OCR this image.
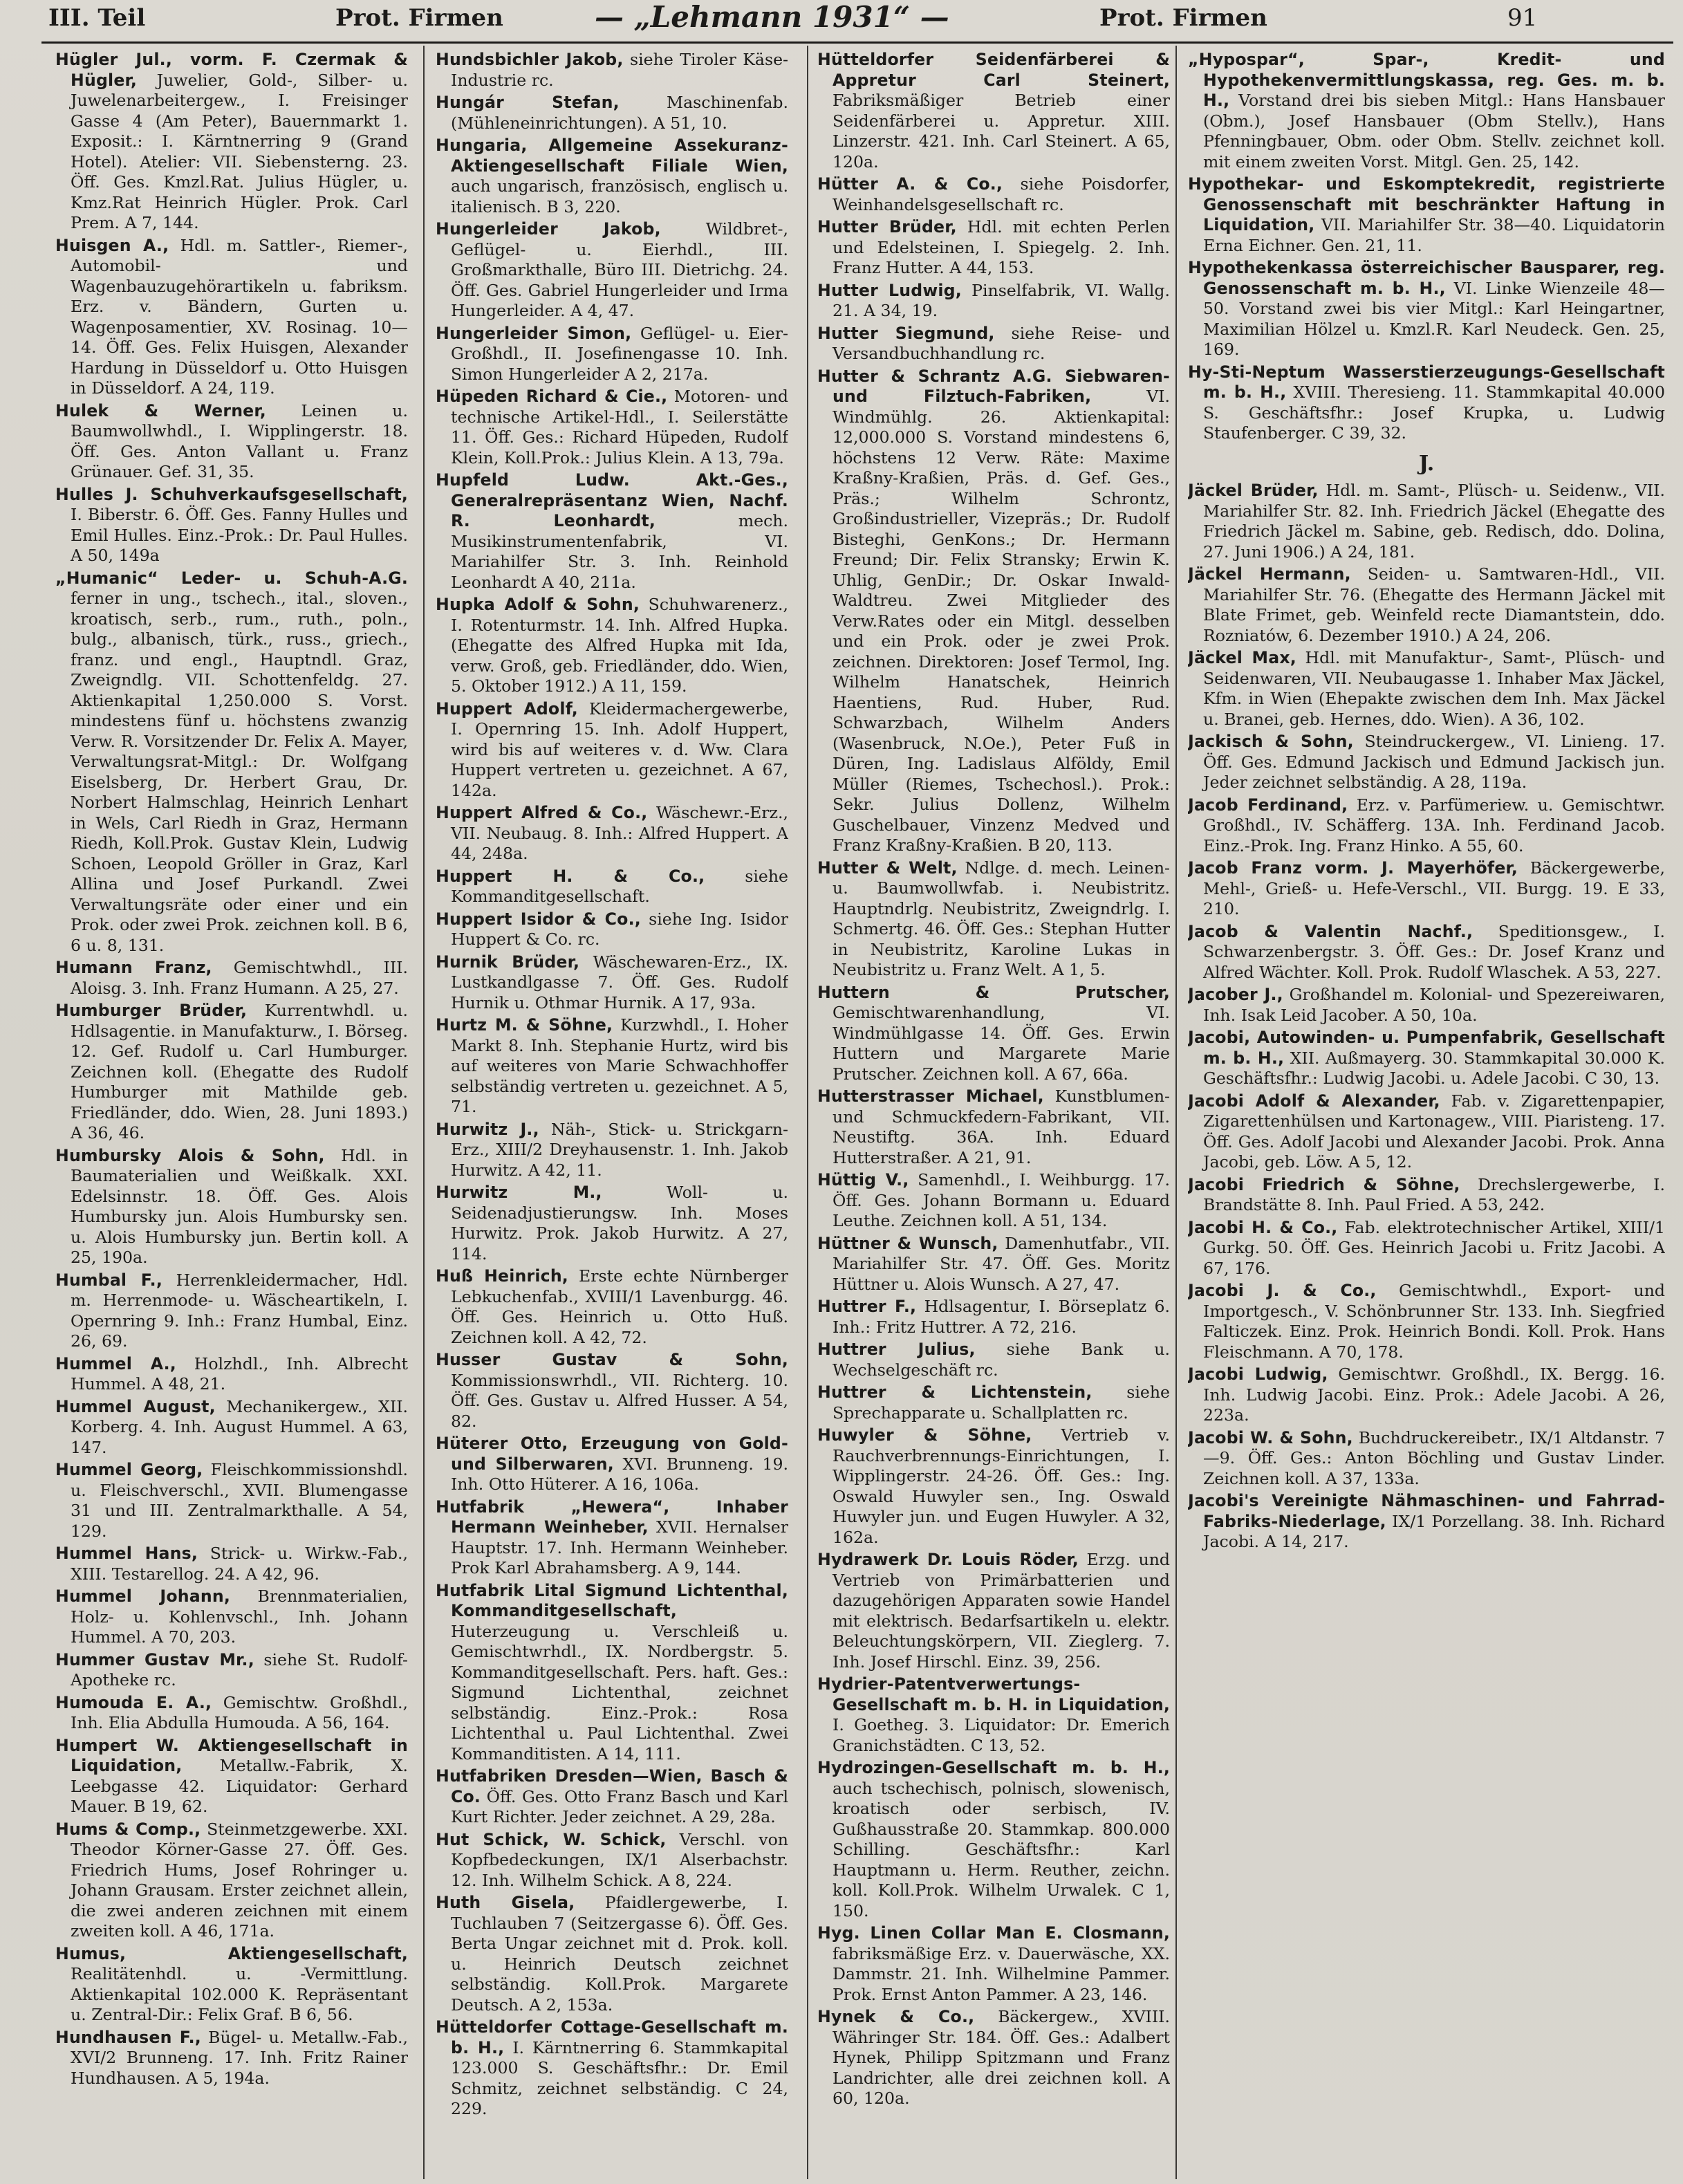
III. Teil	Prot. Firmen	— „Lehmann 1931“ —	Prot. Firmen	91
Hügler Jul., vorm. F. Czermak & Hügler, Juwelier, Gold-, Silber- u. Juwelenarbeitergew., I. Freisinger Gasse 4 (Am Peter), Bauernmarkt 1. Exposit.: I. Kärntnerring 9 (Grand Hotel). Atelier: VII. Siebensterng. 23. Öff. Ges. Kmzl.Rat. Julius Hügler, u. Kmz.Rat Heinrich Hügler. Prok. Carl Prem. A 7, 144.
Huisgen A., Hdl. m. Sattler-, Riemer-, Automobil- und Wagenbauzugehörartikeln u. fabriksm. Erz. v. Bändern, Gurten u. Wagenposamentier, XV. Rosinag. 10—14. Öff. Ges. Felix Huisgen, Alexander Hardung in Düsseldorf u. Otto Huisgen in Düsseldorf. A 24, 119.
Hulek & Werner, Leinen u. Baumwollwhdl., I. Wipplingerstr. 18. Öff. Ges. Anton Vallant u. Franz Grünauer. Gef. 31, 35.
Hulles J. Schuhverkaufsgesellschaft, I. Biberstr. 6. Öff. Ges. Fanny Hulles und Emil Hulles. Einz.-Prok.: Dr. Paul Hulles. A 50, 149a
„Humanic“ Leder- u. Schuh-A.G. ferner in ung., tschech., ital., sloven., kroatisch, serb., rum., ruth., poln., bulg., albanisch, türk., russ., griech., franz. und engl., Hauptndl. Graz, Zweigndlg. VII. Schottenfeldg. 27. Aktienkapital 1,250.000 S. Vorst. mindestens fünf u. höchstens zwanzig Verw. R. Vorsitzender Dr. Felix A. Mayer, Verwaltungsrat-Mitgl.: Dr. Wolfgang Eiselsberg, Dr. Herbert Grau, Dr. Norbert Halmschlag, Heinrich Lenhart in Wels, Carl Riedh in Graz, Hermann Riedh, Koll.Prok. Gustav Klein, Ludwig Schoen, Leopold Gröller in Graz, Karl Allina und Josef Purkandl. Zwei Verwaltungsräte oder einer und ein Prok. oder zwei Prok. zeichnen koll. B 6, 6 u. 8, 131.
Humann Franz, Gemischtwhdl., III. Aloisg. 3. Inh. Franz Humann. A 25, 27.
Humburger Brüder, Kurrentwhdl. u. Hdlsagentie. in Manufakturw., I. Börseg. 12. Gef. Rudolf u. Carl Humburger. Zeichnen koll. (Ehegatte des Rudolf Humburger mit Mathilde geb. Friedländer, ddo. Wien, 28. Juni 1893.) A 36, 46.
Humbursky Alois & Sohn, Hdl. in Baumaterialien und Weißkalk. XXI. Edelsinnstr. 18. Öff. Ges. Alois Humbursky jun. Alois Humbursky sen. u. Alois Humbursky jun. Bertin koll. A 25, 190a.
Humbal F., Herrenkleidermacher, Hdl. m. Herrenmode- u. Wäscheartikeln, I. Opernring 9. Inh.: Franz Humbal, Einz. 26, 69.
Hummel A., Holzhdl., Inh. Albrecht Hummel. A 48, 21.
Hummel August, Mechanikergew., XII. Korberg. 4. Inh. August Hummel. A 63, 147.
Hummel Georg, Fleischkommissionshdl. u. Fleischverschl., XVII. Blumengasse 31 und III. Zentralmarkthalle. A 54, 129.
Hummel Hans, Strick- u. Wirkw.-Fab., XIII. Testarellog. 24. A 42, 96.
Hummel Johann, Brennmaterialien, Holz- u. Kohlenvschl., Inh. Johann Hummel. A 70, 203.
Hummer Gustav Mr., siehe St. Rudolf-Apotheke rc.
Humouda E. A., Gemischtw. Großhdl., Inh. Elia Abdulla Humouda. A 56, 164.
Humpert W. Aktiengesellschaft in Liquidation, Metallw.-Fabrik, X. Leebgasse 42. Liquidator: Gerhard Mauer. B 19, 62.
Hums & Comp., Steinmetzgewerbe. XXI. Theodor Körner-Gasse 27. Öff. Ges. Friedrich Hums, Josef Rohringer u. Johann Grausam. Erster zeichnet allein, die zwei anderen zeichnen mit einem zweiten koll. A 46, 171a.
Humus, Aktiengesellschaft, Realitätenhdl. u. -Vermittlung. Aktienkapital 102.000 K. Repräsentant u. Zentral-Dir.: Felix Graf. B 6, 56.
Hundhausen F., Bügel- u. Metallw.-Fab., XVI/2 Brunneng. 17. Inh. Fritz Rainer Hundhausen. A 5, 194a.
Hundsbichler Jakob, siehe Tiroler Käse-Industrie rc.
Hungár Stefan,	Maschinenfab. (Mühleneinrichtungen). A 51, 10.
Hungaria, Allgemeine Assekuranz-Aktiengesellschaft Filiale Wien, auch ungarisch, französisch, englisch u. italienisch. B 3, 220.
Hungerleider Jakob,	Wildbret-, Geflügel- u. Eierhdl., III. Großmarkthalle, Büro III. Dietrichg. 24. Öff. Ges. Gabriel Hungerleider und Irma Hungerleider. A 4, 47.
Hungerleider Simon, Geflügel- u. Eier-Großhdl., II. Josefinengasse 10. Inh. Simon Hungerleider A 2, 217a.
Hüpeden Richard & Cie., Motoren- und technische Artikel-Hdl., I. Seilerstätte 11. Öff. Ges.: Richard Hüpeden, Rudolf Klein, Koll.Prok.: Julius Klein. A 13, 79a.
Hupfeld Ludw. Akt.-Ges., Generalrepräsentanz Wien, Nachf. R. Leonhardt,	mech. Musikinstrumentenfabrik, VI. Mariahilfer Str. 3. Inh. Reinhold Leonhardt A 40, 211a.
Hupka Adolf & Sohn, Schuhwarenerz., I. Rotenturmstr. 14. Inh. Alfred Hupka. (Ehegatte des Alfred Hupka mit Ida, verw. Groß, geb. Friedländer, ddo. Wien, 5. Oktober 1912.) A 11, 159.
Huppert Adolf, Kleidermachergewerbe, I. Opernring 15. Inh. Adolf Huppert, wird bis auf weiteres v. d. Ww. Clara Huppert vertreten u. gezeichnet. A 67, 142a.
Huppert Alfred & Co., Wäschewr.-Erz., VII. Neubaug. 8. Inh.: Alfred Huppert. A 44, 248a.
Huppert H. & Co., siehe Kommanditgesellschaft.
Huppert Isidor & Co., siehe Ing. Isidor Huppert & Co. rc.
Hurnik Brüder, Wäschewaren-Erz., IX. Lustkandlgasse 7. Öff. Ges. Rudolf Hurnik u. Othmar Hurnik. A 17, 93a.
Hurtz M. & Söhne, Kurzwhdl., I. Hoher Markt 8. Inh. Stephanie Hurtz, wird bis auf weiteres von Marie Schwachhoffer selbständig vertreten u. gezeichnet. A 5, 71.
Hurwitz J., Näh-, Stick- u. Strickgarn-Erz., XIII/2 Dreyhausenstr. 1. Inh. Jakob Hurwitz. A 42, 11.
Hurwitz M.,	Woll- u. Seidenadjustierungsw. Inh. Moses Hurwitz. Prok. Jakob Hurwitz. A 27, 114.
Huß Heinrich, Erste echte Nürnberger Lebkuchenfab., XVIII/1 Lavenburgg. 46. Öff. Ges. Heinrich u. Otto Huß. Zeichnen koll. A 42, 72.
Husser Gustav & Sohn, Kommissionswrhdl., VII. Richterg. 10. Öff. Ges. Gustav u. Alfred Husser. A 54, 82.
Hüterer Otto, Erzeugung von Gold- und Silberwaren, XVI. Brunneng. 19. Inh. Otto Hüterer. A 16, 106a.
Hutfabrik „Hewera“, Inhaber Hermann Weinheber, XVII. Hernalser Hauptstr. 17. Inh. Hermann Weinheber. Prok Karl Abrahamsberg. A 9, 144.
Hutfabrik Lital Sigmund Lichtenthal, Kommanditgesellschaft, Huterzeugung u. Verschleiß u. Gemischtwrhdl., IX. Nordbergstr. 5. Kommanditgesellschaft. Pers. haft. Ges.: Sigmund Lichtenthal, zeichnet selbständig. Einz.-Prok.: Rosa Lichtenthal u. Paul Lichtenthal. Zwei Kommanditisten. A 14, 111.
Hutfabriken Dresden—Wien, Basch & Co. Öff. Ges. Otto Franz Basch und Karl Kurt Richter. Jeder zeichnet. A 29, 28a.
Hut Schick, W. Schick, Verschl. von Kopfbedeckungen, IX/1 Alserbachstr. 12. Inh. Wilhelm Schick. A 8, 224.
Huth Gisela, Pfaidlergewerbe, I. Tuchlauben 7 (Seitzergasse 6). Öff. Ges. Berta Ungar zeichnet mit d. Prok. koll. u. Heinrich Deutsch zeichnet selbständig. Koll.Prok. Margarete Deutsch. A 2, 153a.
Hütteldorfer Cottage-Gesellschaft m. b. H., I. Kärntnerring 6. Stammkapital 123.000 S. Geschäftsfhr.: Dr. Emil Schmitz, zeichnet selbständig. C 24, 229.
Hütteldorfer Seidenfärberei & Appretur Carl Steinert, Fabriksmäßiger Betrieb einer Seidenfärberei u. Appretur. XIII. Linzerstr. 421. Inh. Carl Steinert. A 65, 120a.
Hütter A. & Co., siehe Poisdorfer, Weinhandelsgesellschaft rc.
Hutter Brüder, Hdl. mit echten Perlen und Edelsteinen, I. Spiegelg. 2. Inh. Franz Hutter. A 44, 153.
Hutter Ludwig, Pinselfabrik, VI. Wallg. 21. A 34, 19.
Hutter Siegmund, siehe Reise- und Versandbuchhandlung rc.
Hutter & Schrantz A.G. Siebwaren- und Filztuch-Fabriken,	VI. Windmühlg. 26. Aktienkapital: 12,000.000 S. Vorstand mindestens 6, höchstens 12 Verw. Räte: Maxime Kraßny-Kraßien, Präs. d. Gef. Ges., Präs.; Wilhelm Schrontz, Großindustrieller, Vizepräs.; Dr. Rudolf Bisteghi, GenKons.; Dr. Hermann Freund; Dir. Felix Stransky; Erwin K. Uhlig, GenDir.; Dr. Oskar Inwald-Waldtreu. Zwei Mitglieder des Verw.Rates oder ein Mitgl. desselben und ein Prok. oder je zwei Prok. zeichnen. Direktoren: Josef Termol, Ing. Wilhelm Hanatschek, Heinrich Haentiens, Rud. Huber, Rud. Schwarzbach, Wilhelm Anders (Wasenbruck, N.Oe.), Peter Fuß in Düren, Ing. Ladislaus Alföldy, Emil Müller (Riemes, Tschechosl.). Prok.: Sekr. Julius Dollenz, Wilhelm Guschelbauer, Vinzenz Medved und Franz Kraßny-Kraßien. B 20, 113.
Hutter & Welt, Ndlge. d. mech. Leinen- u. Baumwollwfab. i. Neubistritz. Hauptndrlg. Neubistritz, Zweigndrlg. I. Schmertg. 46. Öff. Ges.: Stephan Hutter in Neubistritz, Karoline Lukas in Neubistritz u. Franz Welt. A 1, 5.
Huttern & Prutscher, Gemischtwarenhandlung, VI. Windmühlgasse 14. Öff. Ges. Erwin Huttern und Margarete Marie Prutscher. Zeichnen koll. A 67, 66a.
Hutterstrasser Michael, Kunstblumen- und Schmuckfedern-Fabrikant, VII. Neustiftg. 36A. Inh. Eduard Hutterstraßer. A 21, 91.
Hüttig V., Samenhdl., I. Weihburgg. 17. Öff. Ges. Johann Bormann u. Eduard Leuthe. Zeichnen koll. A 51, 134.
Hüttner & Wunsch, Damenhutfabr., VII. Mariahilfer Str. 47. Öff. Ges. Moritz Hüttner u. Alois Wunsch. A 27, 47.
Huttrer F., Hdlsagentur, I. Börseplatz 6. Inh.: Fritz Huttrer. A 72, 216.
Huttrer Julius, siehe Bank u. Wechselgeschäft rc.
Huttrer & Lichtenstein, siehe Sprechapparate u. Schallplatten rc.
Huwyler & Söhne, Vertrieb v. Rauchverbrennungs-Einrichtungen, I. Wipplingerstr. 24-26. Öff. Ges.: Ing. Oswald Huwyler sen., Ing. Oswald Huwyler jun. und Eugen Huwyler. A 32, 162a.
Hydrawerk Dr. Louis Röder, Erzg. und Vertrieb von Primärbatterien und dazugehörigen Apparaten sowie Handel mit elektrisch. Bedarfsartikeln u. elektr. Beleuchtungskörpern, VII. Zieglerg. 7. Inh. Josef Hirschl. Einz. 39, 256.
Hydrier-Patentverwertungs-Gesellschaft m. b. H. in Liquidation, I. Goetheg. 3. Liquidator: Dr. Emerich Granichstädten. C 13, 52.
Hydrozingen-Gesellschaft m. b. H., auch tschechisch, polnisch, slowenisch, kroatisch oder serbisch, IV. Gußhausstraße 20. Stammkap. 800.000 Schilling. Geschäftsfhr.: Karl Hauptmann u. Herm. Reuther, zeichn. koll. Koll.Prok. Wilhelm Urwalek. C 1, 150.
Hyg. Linen Collar Man E. Closmann, fabriksmäßige Erz. v. Dauerwäsche, XX. Dammstr. 21. Inh. Wilhelmine Pammer. Prok. Ernst Anton Pammer. A 23, 146.
Hynek & Co., Bäckergew., XVIII. Währinger Str. 184. Öff. Ges.: Adalbert Hynek, Philipp Spitzmann und Franz Landrichter, alle drei zeichnen koll. A 60, 120a.
„Hypospar“, Spar-, Kredit- und Hypothekenvermittlungskassa, reg. Ges. m. b. H., Vorstand drei bis sieben Mitgl.: Hans Hansbauer (Obm.), Josef Hansbauer (Obm Stellv.), Hans Pfenningbauer, Obm. oder Obm. Stellv. zeichnet koll. mit einem zweiten Vorst. Mitgl. Gen. 25, 142.
Hypothekar- und Eskomptekredit, registrierte Genossenschaft mit beschränkter Haftung in Liquidation, VII. Mariahilfer Str. 38—40. Liquidatorin Erna Eichner. Gen. 21, 11.
Hypothekenkassa österreichischer Bausparer, reg. Genossenschaft m. b. H., VI. Linke Wienzeile 48—50. Vorstand zwei bis vier Mitgl.: Karl Heingartner, Maximilian Hölzel u. Kmzl.R. Karl Neudeck. Gen. 25, 169.
Hy-Sti-Neptum Wasserstierzeugungs-Gesellschaft m. b. H., XVIII. Theresieng. 11. Stammkapital 40.000 S. Geschäftsfhr.: Josef Krupka, u. Ludwig Staufenberger. C 39, 32.
J.
Jäckel Brüder, Hdl. m. Samt-, Plüsch- u. Seidenw., VII. Mariahilfer Str. 82. Inh. Friedrich Jäckel (Ehegatte des Friedrich Jäckel m. Sabine, geb. Redisch, ddo. Dolina, 27. Juni 1906.) A 24, 181.
Jäckel Hermann, Seiden- u. Samtwaren-Hdl., VII. Mariahilfer Str. 76. (Ehegatte des Hermann Jäckel mit Blate Frimet, geb. Weinfeld recte Diamantstein, ddo. Rozniatów, 6. Dezember 1910.) A 24, 206.
Jäckel Max, Hdl. mit Manufaktur-, Samt-, Plüsch- und Seidenwaren, VII. Neubaugasse 1. Inhaber Max Jäckel, Kfm. in Wien (Ehepakte zwischen dem Inh. Max Jäckel u. Branei, geb. Hernes, ddo. Wien). A 36, 102.
Jackisch & Sohn, Steindruckergew., VI. Linieng. 17. Öff. Ges. Edmund Jackisch und Edmund Jackisch jun. Jeder zeichnet selbständig. A 28, 119a.
Jacob Ferdinand, Erz. v. Parfümeriew. u. Gemischtwr. Großhdl., IV. Schäfferg. 13A. Inh. Ferdinand Jacob. Einz.-Prok. Ing. Franz Hinko. A 55, 60.
Jacob Franz vorm. J. Mayerhöfer, Bäckergewerbe, Mehl-, Grieß- u. Hefe-Verschl., VII. Burgg. 19. E 33, 210.
Jacob & Valentin Nachf., Speditionsgew., I. Schwarzenbergstr. 3. Öff. Ges.: Dr. Josef Kranz und Alfred Wächter. Koll. Prok. Rudolf Wlaschek. A 53, 227.
Jacober J., Großhandel m. Kolonial- und Spezereiwaren, Inh. Isak Leid Jacober. A 50, 10a.
Jacobi, Autowinden- u. Pumpenfabrik, Gesellschaft m. b. H., XII. Außmayerg. 30. Stammkapital 30.000 K. Geschäftsfhr.: Ludwig Jacobi. u. Adele Jacobi. C 30, 13.
Jacobi Adolf & Alexander, Fab. v. Zigarettenpapier, Zigarettenhülsen und Kartonagew., VIII. Piaristeng. 17. Öff. Ges. Adolf Jacobi und Alexander Jacobi. Prok. Anna Jacobi, geb. Löw. A 5, 12.
Jacobi Friedrich & Söhne, Drechslergewerbe, I. Brandstätte 8. Inh. Paul Fried. A 53, 242.
Jacobi H. & Co., Fab. elektrotechnischer Artikel, XIII/1 Gurkg. 50. Öff. Ges. Heinrich Jacobi u. Fritz Jacobi. A 67, 176.
Jacobi J. & Co., Gemischtwhdl., Export- und Importgesch., V. Schönbrunner Str. 133. Inh. Siegfried Falticzek. Einz. Prok. Heinrich Bondi. Koll. Prok. Hans Fleischmann. A 70, 178.
Jacobi Ludwig, Gemischtwr. Großhdl., IX. Bergg. 16. Inh. Ludwig Jacobi. Einz. Prok.: Adele Jacobi. A 26, 223a.
Jacobi W. & Sohn, Buchdruckereibetr., IX/1 Altdanstr. 7—9. Öff. Ges.: Anton Böchling und Gustav Linder. Zeichnen koll. A 37, 133a.
Jacobi's Vereinigte Nähmaschinen- und Fahrrad-Fabriks-Niederlage, IX/1 Porzellang. 38. Inh. Richard Jacobi. A 14, 217.
